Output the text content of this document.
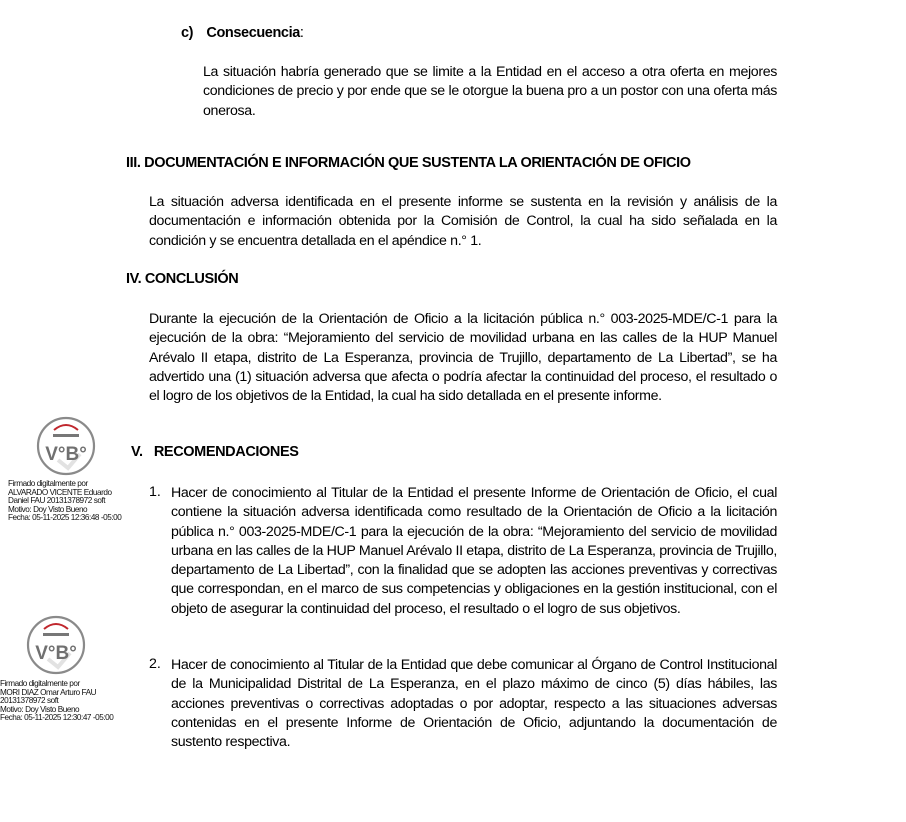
c) Consecuencia:
La situación habría generado que se limite a la Entidad en el acceso a otra oferta en mejores condiciones de precio y por ende que se le otorgue la buena pro a un postor con una oferta más onerosa.
III. DOCUMENTACIÓN E INFORMACIÓN QUE SUSTENTA LA ORIENTACIÓN DE OFICIO
La situación adversa identificada en el presente informe se sustenta en la revisión y análisis de la documentación e información obtenida por la Comisión de Control, la cual ha sido señalada en la condición y se encuentra detallada en el apéndice n.° 1.
IV. CONCLUSIÓN
Durante la ejecución de la Orientación de Oficio a la licitación pública n.° 003-2025-MDE/C-1 para la ejecución de la obra: “Mejoramiento del servicio de movilidad urbana en las calles de la HUP Manuel Arévalo II etapa, distrito de La Esperanza, provincia de Trujillo, departamento de La Libertad”, se ha advertido una (1) situación adversa que afecta o podría afectar la continuidad del proceso, el resultado o el logro de los objetivos de la Entidad, la cual ha sido detallada en el presente informe.
V. RECOMENDACIONES
1. Hacer de conocimiento al Titular de la Entidad el presente Informe de Orientación de Oficio, el cual contiene la situación adversa identificada como resultado de la Orientación de Oficio a la licitación pública n.° 003-2025-MDE/C-1 para la ejecución de la obra: “Mejoramiento del servicio de movilidad urbana en las calles de la HUP Manuel Arévalo II etapa, distrito de La Esperanza, provincia de Trujillo, departamento de La Libertad”, con la finalidad que se adopten las acciones preventivas y correctivas que correspondan, en el marco de sus competencias y obligaciones en la gestión institucional, con el objeto de asegurar la continuidad del proceso, el resultado o el logro de sus objetivos.
2. Hacer de conocimiento al Titular de la Entidad que debe comunicar al Órgano de Control Institucional de la Municipalidad Distrital de La Esperanza, en el plazo máximo de cinco (5) días hábiles, las acciones preventivas o correctivas adoptadas o por adoptar, respecto a las situaciones adversas contenidas en el presente Informe de Orientación de Oficio, adjuntando la documentación de sustento respectiva.
V°B°
Firmado digitalmente por
ALVARADO VICENTE Eduardo
Daniel FAU 20131378972 soft
Motivo: Doy Visto Bueno
Fecha: 05-11-2025 12:36:48 -05:00
V°B°
Firmado digitalmente por
MORI DIAZ Omar Arturo FAU
20131378972 soft
Motivo: Doy Visto Bueno
Fecha: 05-11-2025 12:30:47 -05:00
